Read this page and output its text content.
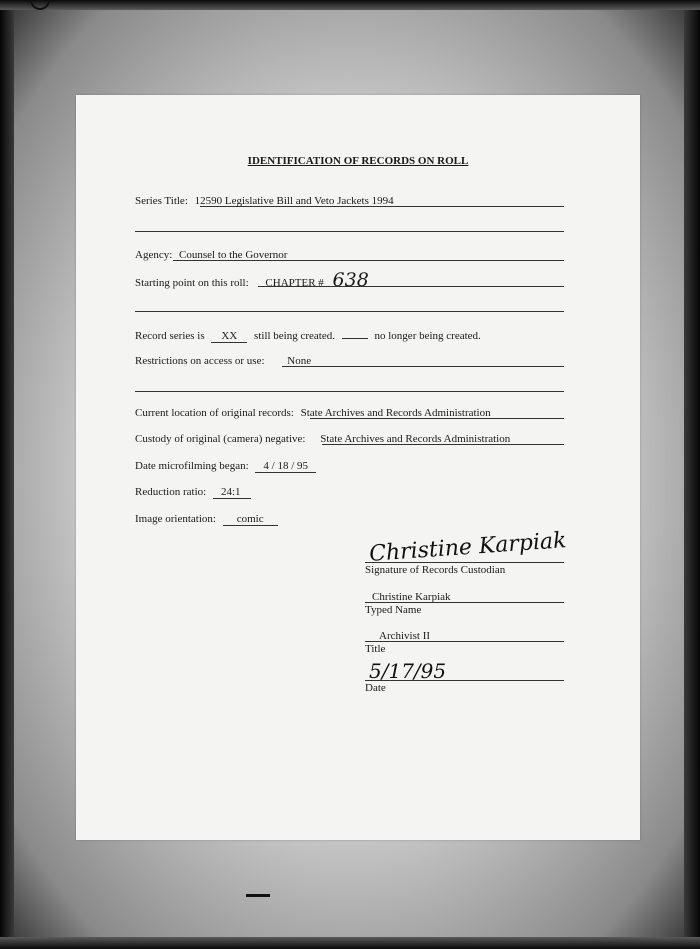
IDENTIFICATION OF RECORDS ON ROLL
Series Title: 12590 Legislative Bill and Veto Jackets 1994
Agency: Counsel to the Governor
Starting point on this roll: CHAPTER # 638
Record series is XX still being created.	no longer being created.
Restrictions on access or use: None
Current location of original records: State Archives and Records Administration
Custody of original (camera) negative: State Archives and Records Administration
Date microfilming began: 4 / 18 / 95
Reduction ratio: 24:1
Image orientation: comic
Christine Karpiak
Signature of Records Custodian
Christine Karpiak
Typed Name
Archivist II
Title
5/17/95
Date
